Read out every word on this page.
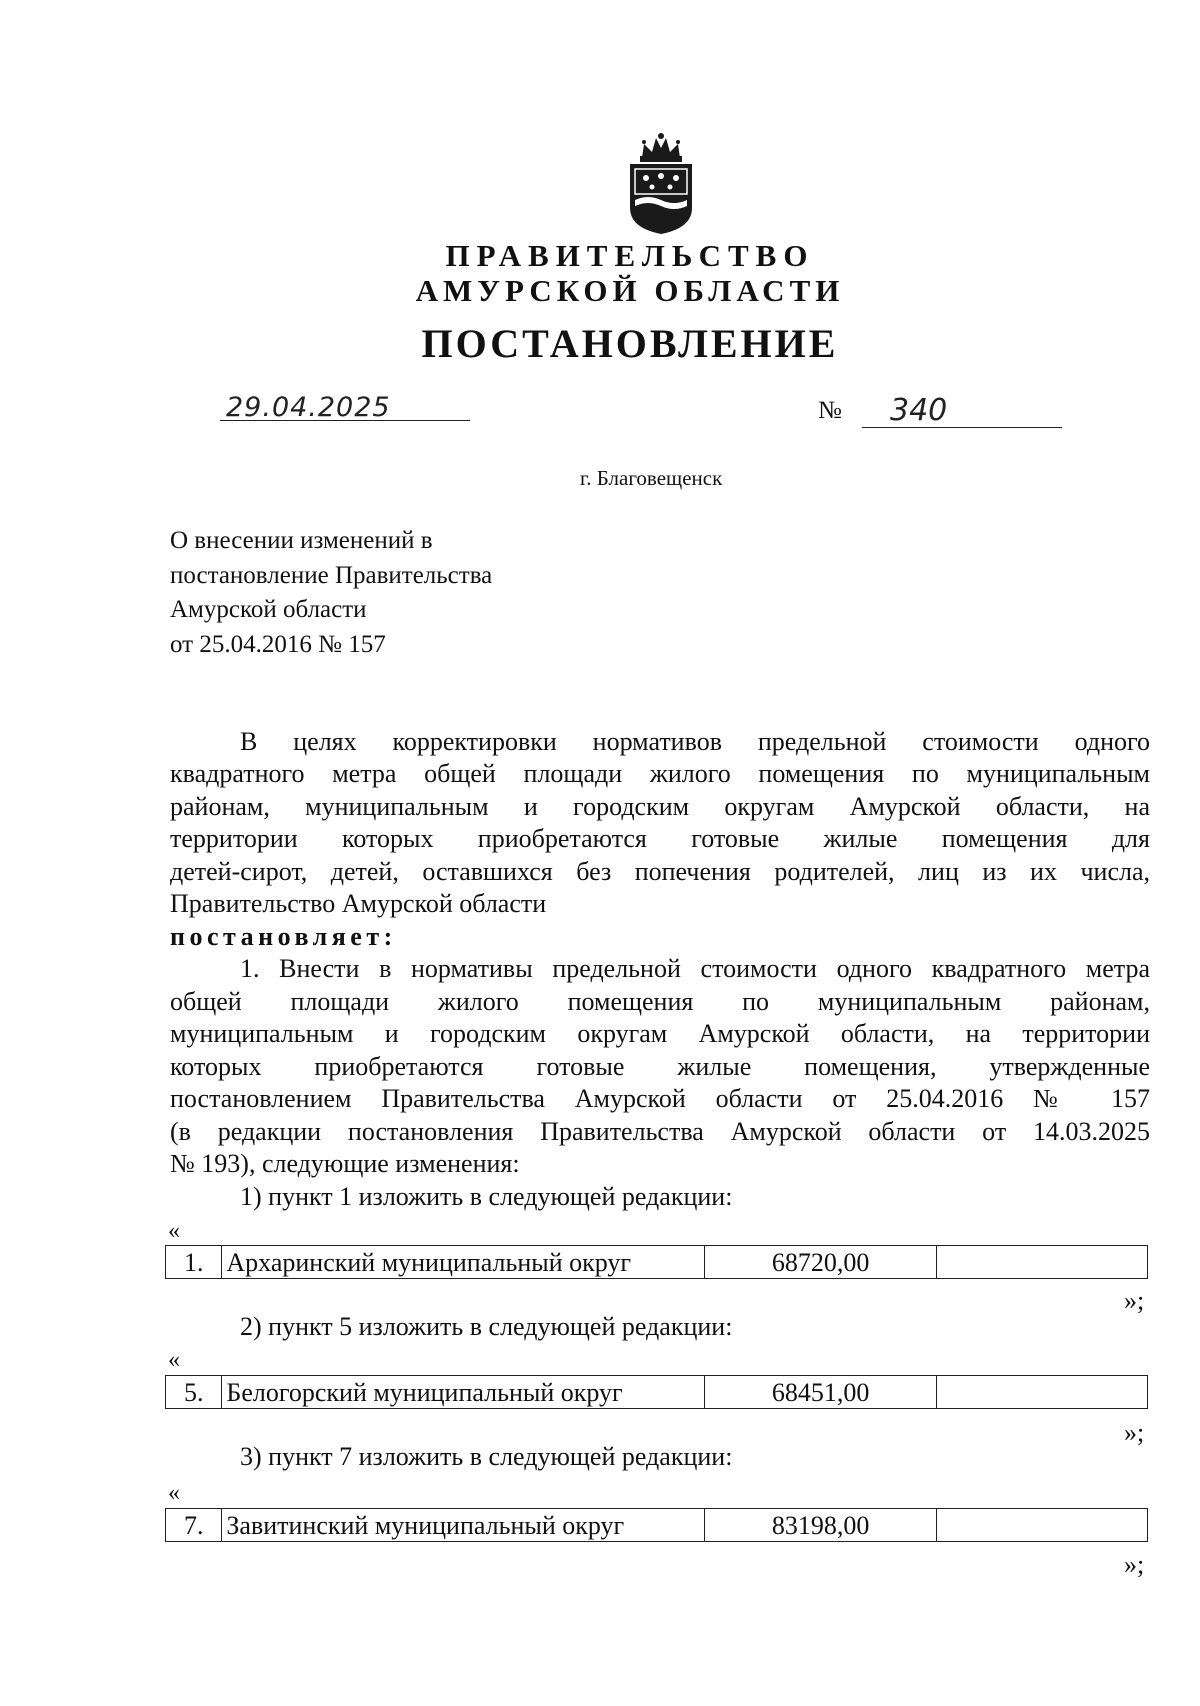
ПРАВИТЕЛЬСТВО
АМУРСКОЙ ОБЛАСТИ
ПОСТАНОВЛЕНИЕ
29.04.2025	№ 340
г. Благовещенск
О внесении изменений в
постановление Правительства
Амурской области
от 25.04.2016 № 157
В целях корректировки нормативов предельной стоимости одного
квадратного метра общей площади жилого помещения по муниципальным
районам, муниципальным и городским округам Амурской области, на
территории которых приобретаются готовые жилые помещения для
детей-сирот, детей, оставшихся без попечения родителей, лиц из их числа,
Правительство Амурской области
постановляет:
1. Внести в нормативы предельной стоимости одного квадратного метра
общей площади жилого помещения по муниципальным районам,
муниципальным и городским округам Амурской области, на территории
которых приобретаются готовые жилые помещения, утвержденные
постановлением Правительства Амурской области от 25.04.2016 № 157
(в редакции постановления Правительства Амурской области от 14.03.2025
№ 193), следующие изменения:
1) пункт 1 изложить в следующей редакции:
«
1.	Архаринский муниципальный округ	68720,00	
»;
2) пункт 5 изложить в следующей редакции:
«
5.	Белогорский муниципальный округ	68451,00	
»;
3) пункт 7 изложить в следующей редакции:
«
7.	Завитинский муниципальный округ	83198,00	
»;
